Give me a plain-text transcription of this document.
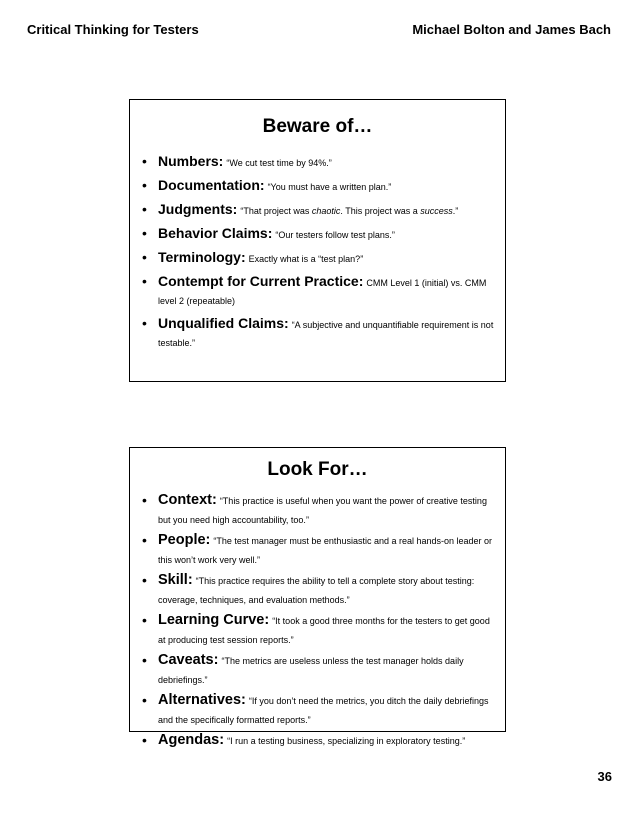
Critical Thinking for Testers	Michael Bolton and James Bach
Beware of…
• Numbers: “We cut test time by 94%.”
• Documentation: “You must have a written plan.”
• Judgments: “That project was chaotic. This project was a success.”
• Behavior Claims: “Our testers follow test plans.”
• Terminology: Exactly what is a “test plan?”
• Contempt for Current Practice: CMM Level 1 (initial) vs. CMM level 2 (repeatable)
• Unqualified Claims: “A subjective and unquantifiable requirement is not testable.”
Look For…
• Context: “This practice is useful when you want the power of creative testing but you need high accountability, too.”
• People: “The test manager must be enthusiastic and a real hands-on leader or this won’t work very well.”
• Skill: “This practice requires the ability to tell a complete story about testing: coverage, techniques, and evaluation methods.”
• Learning Curve: “It took a good three months for the testers to get good at producing test session reports.”
• Caveats: “The metrics are useless unless the test manager holds daily debriefings.”
• Alternatives: “If you don’t need the metrics, you ditch the daily debriefings and the specifically formatted reports.”
• Agendas: “I run a testing business, specializing in exploratory testing.”
36
